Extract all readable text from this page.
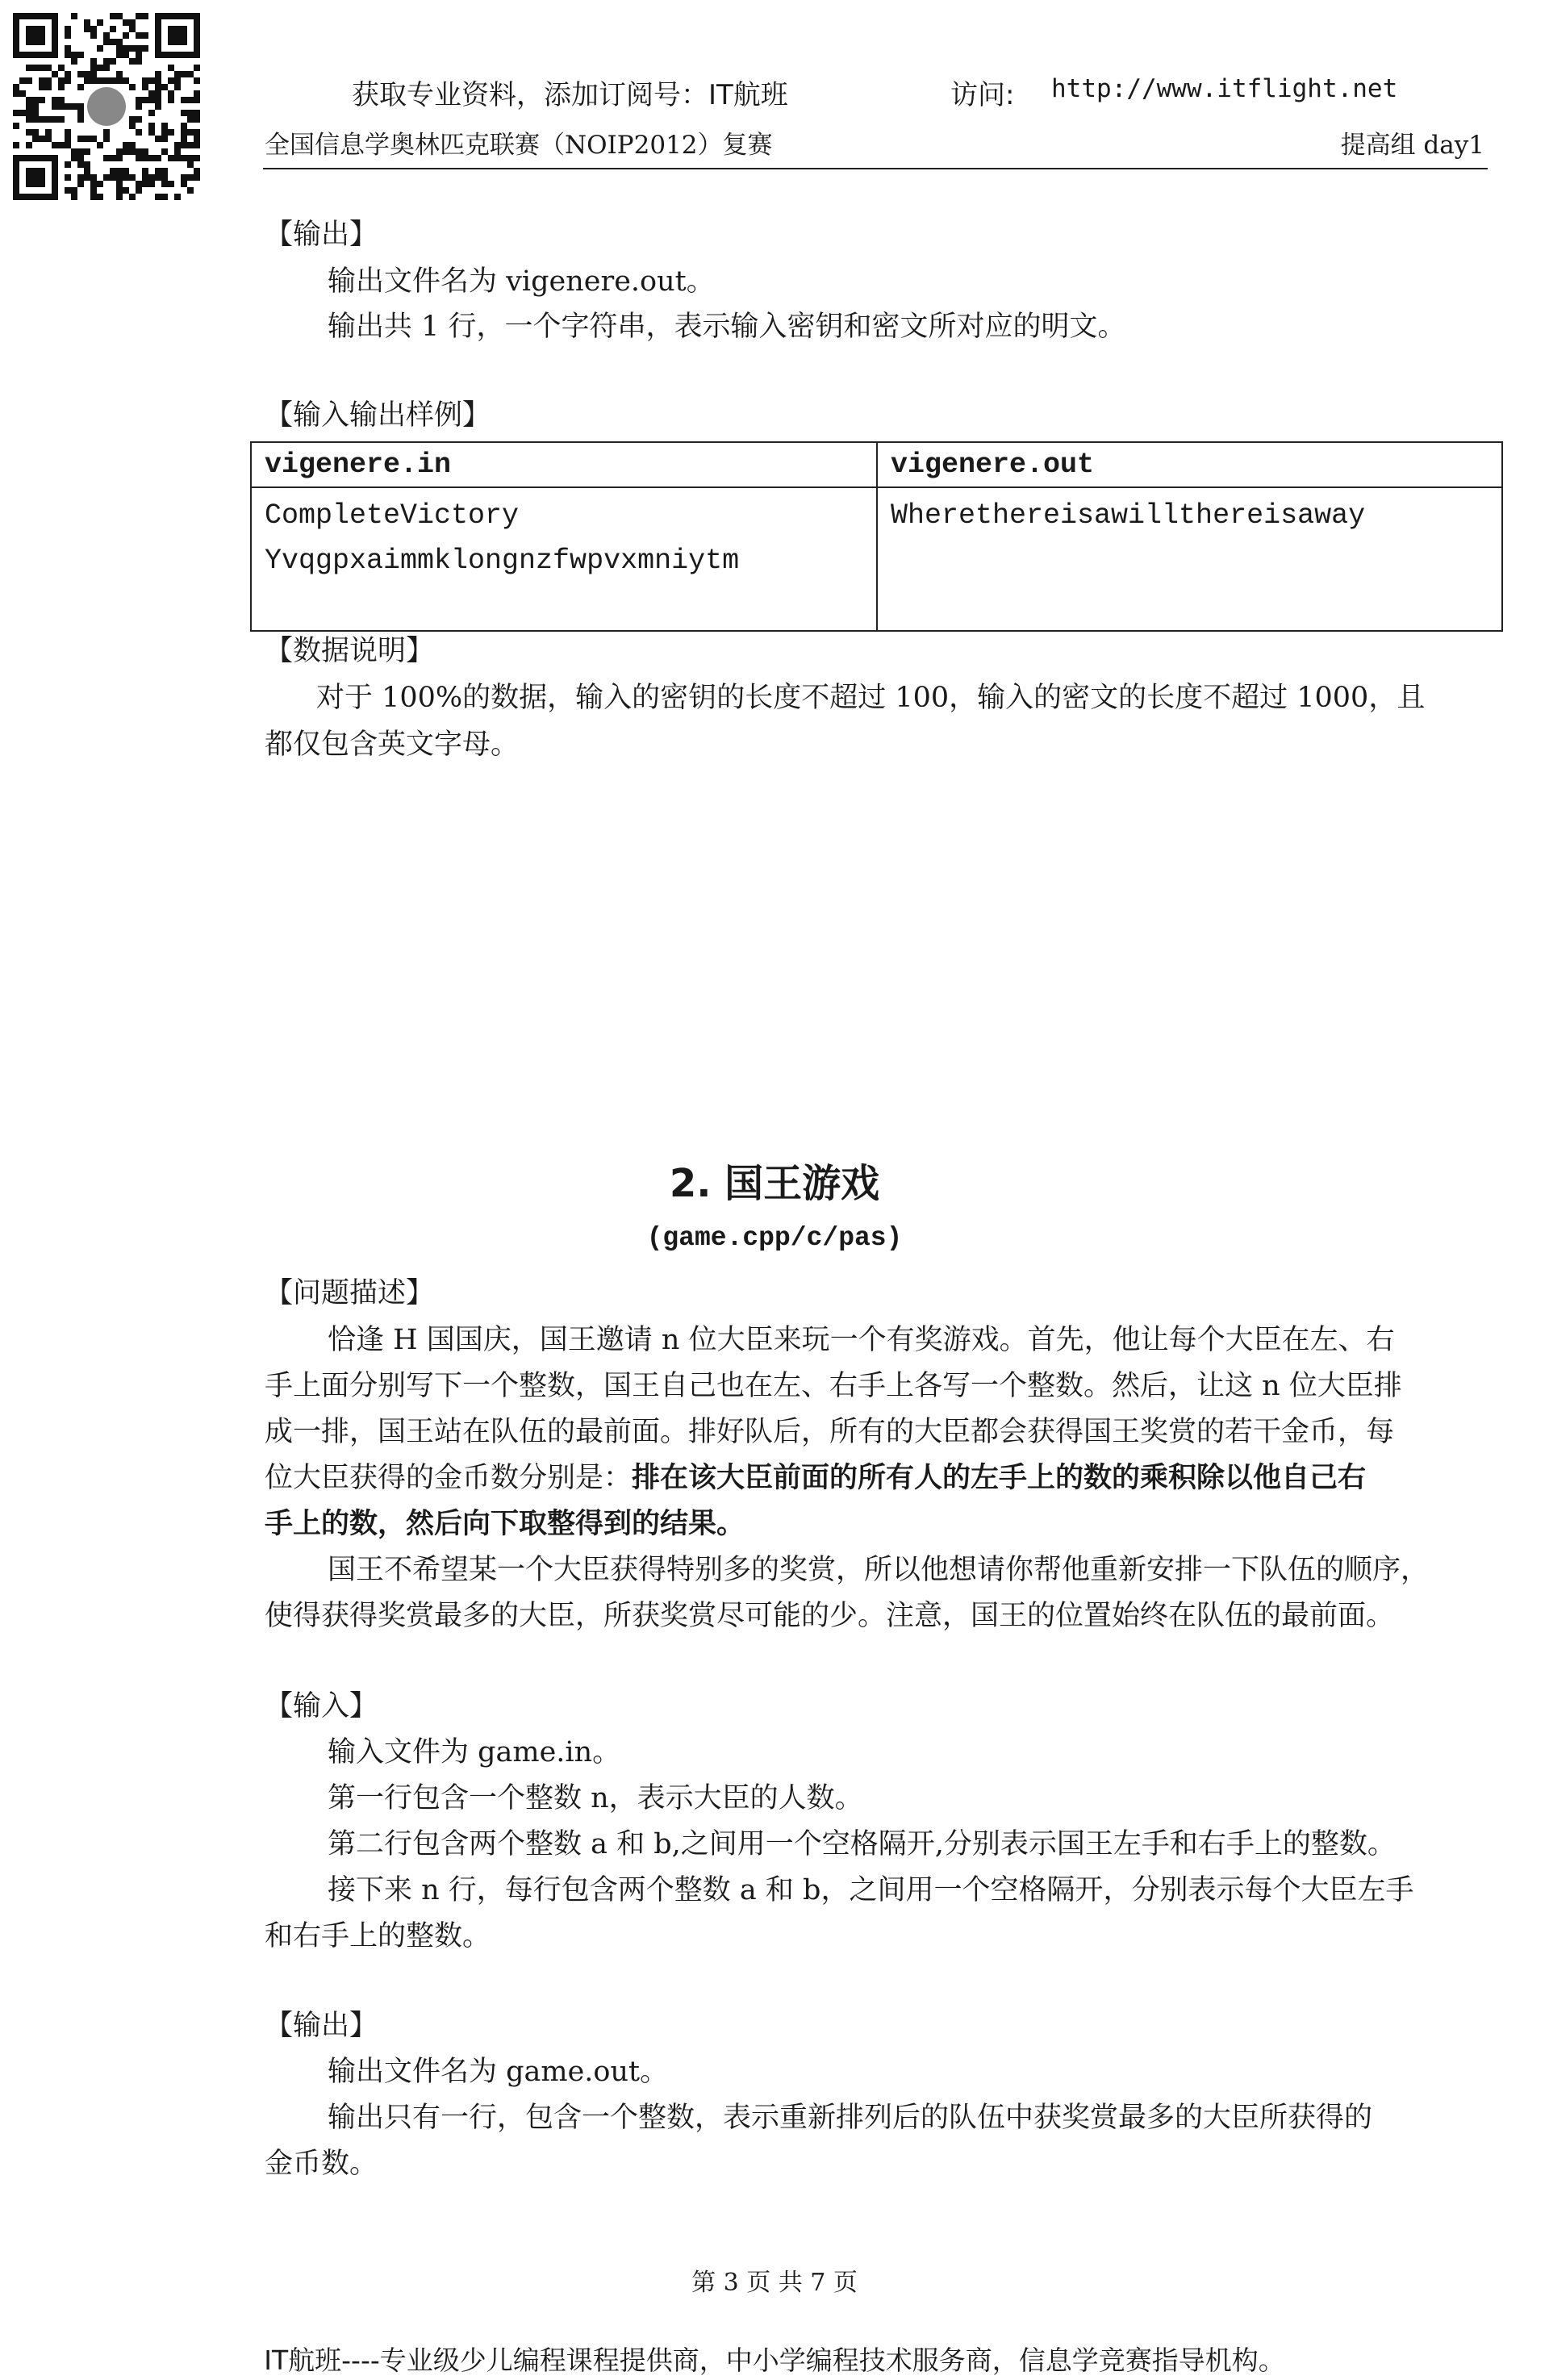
获取专业资料，添加订阅号：IT航班	访问: http://www.itflight.net
全国信息学奥林匹克联赛（NOIP2012）复赛	提高组 day1
【输出】
输出文件名为 vigenere.out。
输出共 1 行，一个字符串，表示输入密钥和密文所对应的明文。
【输入输出样例】
vigenere.in	vigenere.out

CompleteVictory
Yvqgpxaimmklongnzfwpvxmniytm	Wherethereisawillthereisaway
【数据说明】
对于 100%的数据，输入的密钥的长度不超过 100，输入的密文的长度不超过 1000，且
都仅包含英文字母。
2. 国王游戏
(game.cpp/c/pas)
【问题描述】
恰逢 H 国国庆，国王邀请 n 位大臣来玩一个有奖游戏。首先，他让每个大臣在左、右
手上面分别写下一个整数，国王自己也在左、右手上各写一个整数。然后，让这 n 位大臣排
成一排，国王站在队伍的最前面。排好队后，所有的大臣都会获得国王奖赏的若干金币，每
位大臣获得的金币数分别是：排在该大臣前面的所有人的左手上的数的乘积除以他自己右
手上的数，然后向下取整得到的结果。
国王不希望某一个大臣获得特别多的奖赏，所以他想请你帮他重新安排一下队伍的顺序，
使得获得奖赏最多的大臣，所获奖赏尽可能的少。注意，国王的位置始终在队伍的最前面。
【输入】
输入文件为 game.in。
第一行包含一个整数 n，表示大臣的人数。
第二行包含两个整数 a 和 b,之间用一个空格隔开,分别表示国王左手和右手上的整数。
接下来 n 行，每行包含两个整数 a 和 b，之间用一个空格隔开，分别表示每个大臣左手
和右手上的整数。
【输出】
输出文件名为 game.out。
输出只有一行，包含一个整数，表示重新排列后的队伍中获奖赏最多的大臣所获得的
金币数。
第 3 页 共 7 页
IT航班----专业级少儿编程课程提供商，中小学编程技术服务商，信息学竞赛指导机构。
